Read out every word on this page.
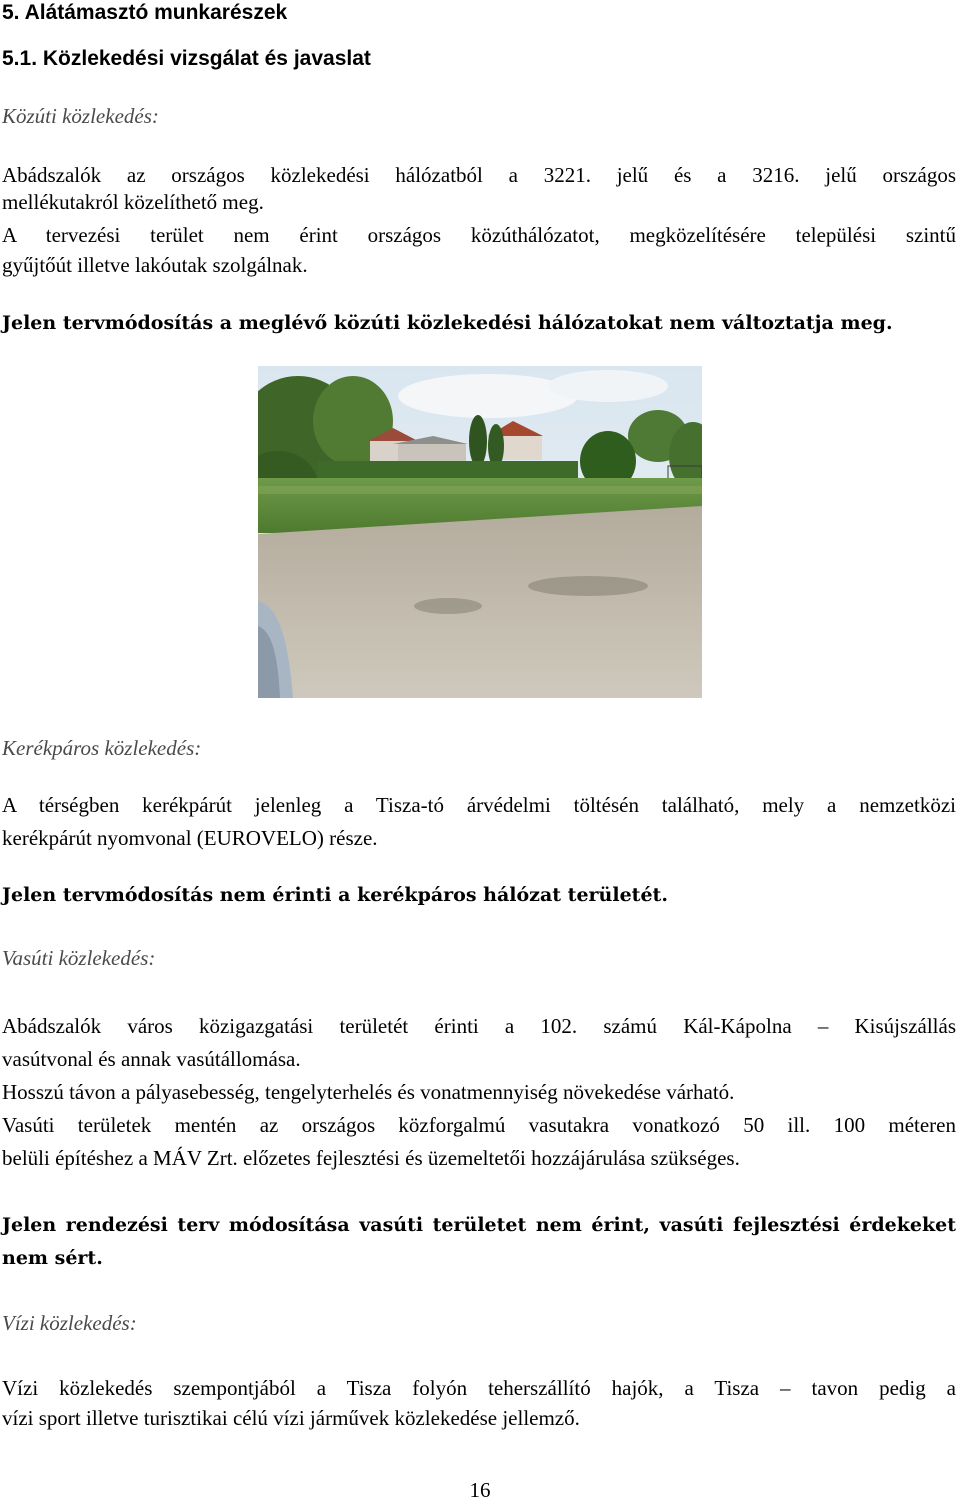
5. Alátámasztó munkarészek
5.1. Közlekedési vizsgálat és javaslat
Közúti közlekedés:
Abádszalók az országos közlekedési hálózatból a 3221. jelű és a 3216. jelű országos
mellékutakról közelíthető meg.
A tervezési terület nem érint országos közúthálózatot, megközelítésére települési szintű
gyűjtőút illetve lakóutak szolgálnak.
Jelen tervmódosítás a meglévő közúti közlekedési hálózatokat nem változtatja meg.
Kerékpáros közlekedés:
A térségben kerékpárút jelenleg a Tisza-tó árvédelmi töltésén található, mely a nemzetközi
kerékpárút nyomvonal (EUROVELO) része.
Jelen tervmódosítás nem érinti a kerékpáros hálózat területét.
Vasúti közlekedés:
Abádszalók város közigazgatási területét érinti a 102. számú Kál-Kápolna – Kisújszállás
vasútvonal és annak vasútállomása.
Hosszú távon a pályasebesség, tengelyterhelés és vonatmennyiség növekedése várható.
Vasúti területek mentén az országos közforgalmú vasutakra vonatkozó 50 ill. 100 méteren
belüli építéshez a MÁV Zrt. előzetes fejlesztési és üzemeltetői hozzájárulása szükséges.
Jelen rendezési terv módosítása vasúti területet nem érint, vasúti fejlesztési érdekeket
nem sért.
Vízi közlekedés:
Vízi közlekedés szempontjából a Tisza folyón teherszállító hajók, a Tisza – tavon pedig a
vízi sport illetve turisztikai célú vízi járművek közlekedése jellemző.
16
